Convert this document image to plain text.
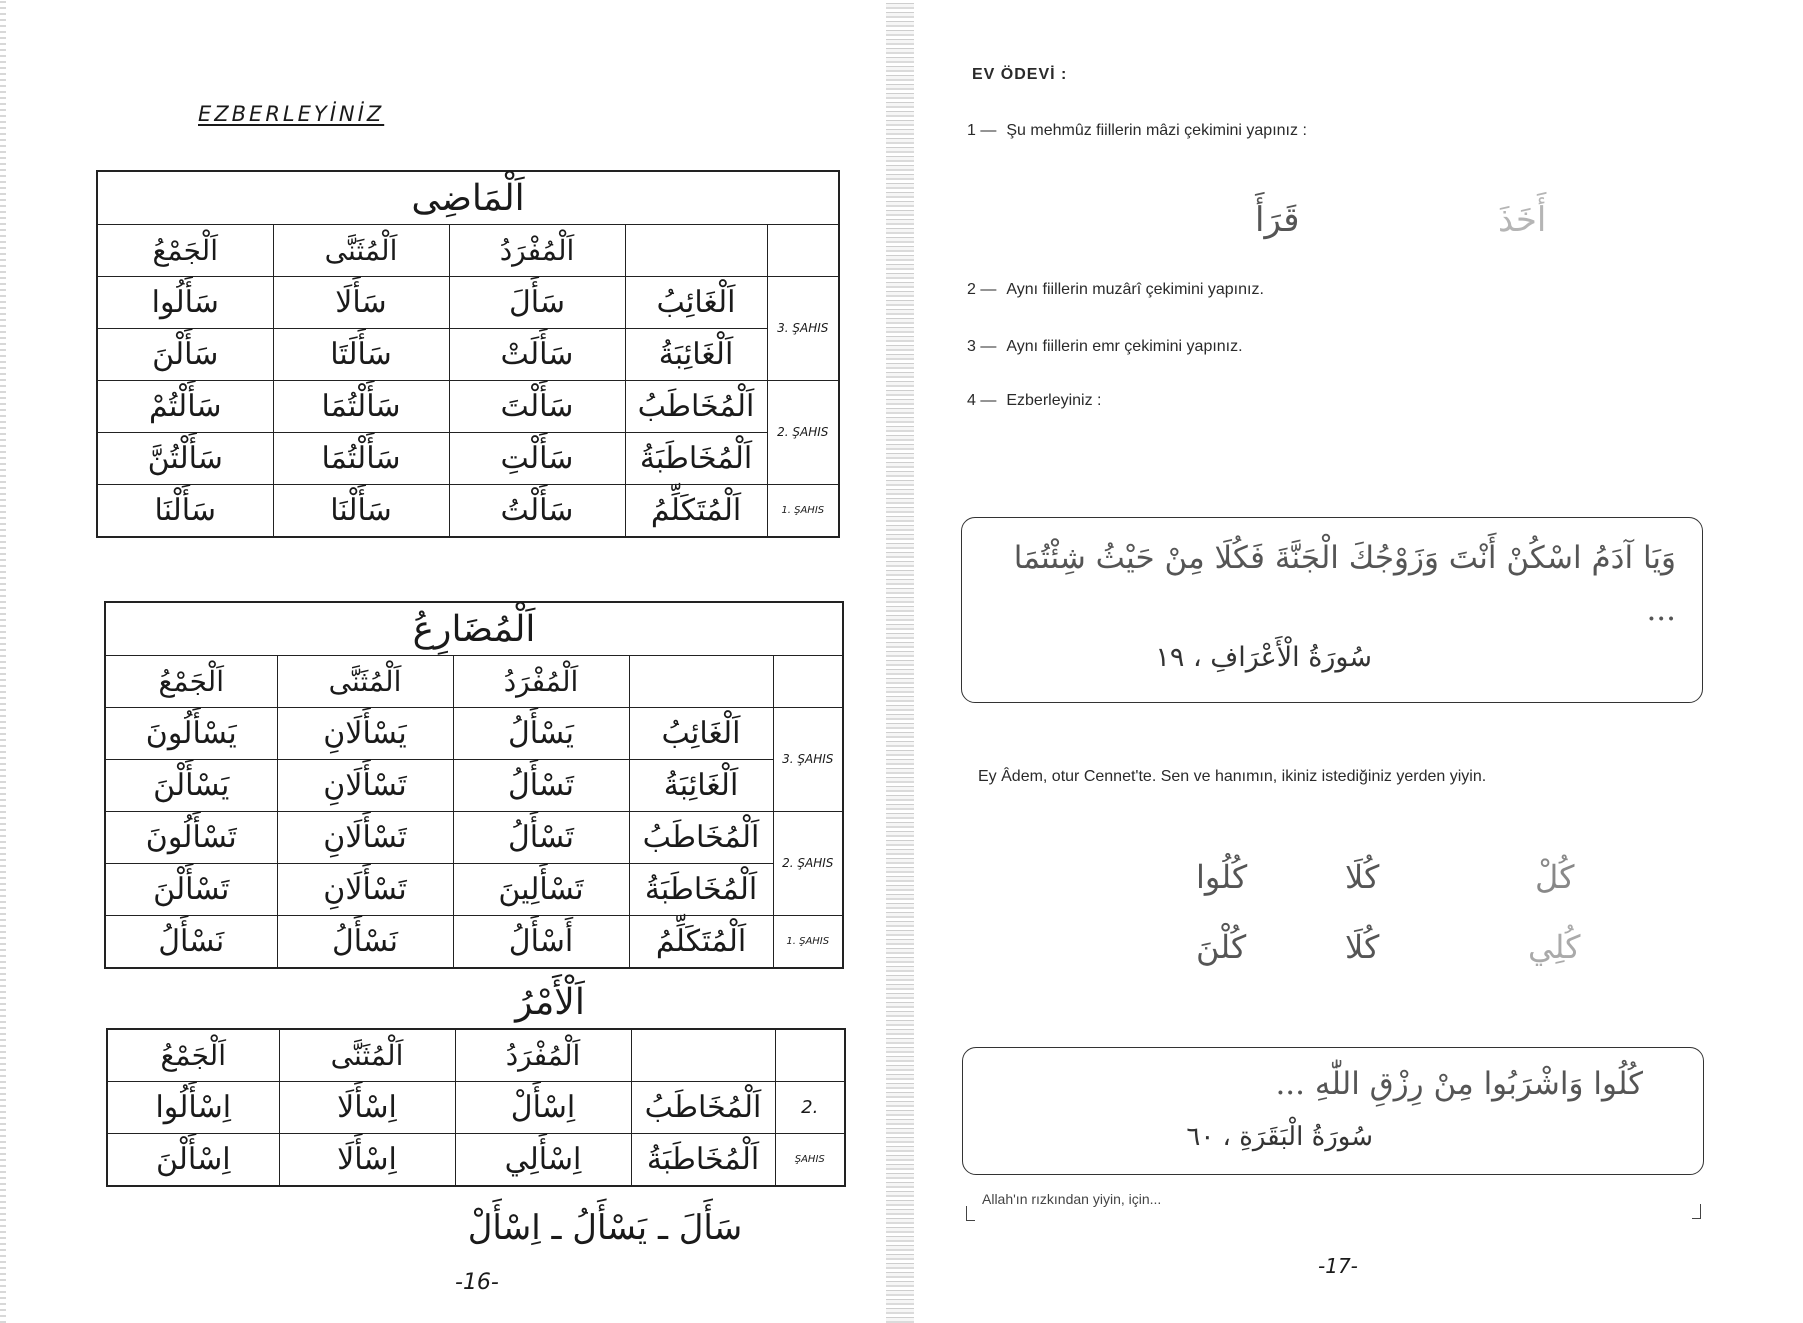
EZBERLEYİNİZ
اَلْمَاضِى				
اَلْجَمْعُ	اَلْمُثَنَّى	اَلْمُفْرَدُ		
سَأَلُوا	سَأَلَا	سَأَلَ	اَلْغَائِبُ	3. ŞAHIS
سَأَلْنَ	سَأَلَتَا	سَأَلَتْ	اَلْغَائِبَةُ	
سَأَلْتُمْ	سَأَلْتُمَا	سَأَلْتَ	اَلْمُخَاطَبُ	2. ŞAHIS
سَأَلْتُنَّ	سَأَلْتُمَا	سَأَلْتِ	اَلْمُخَاطَبَةُ	
سَأَلْنَا	سَأَلْنَا	سَأَلْتُ	اَلْمُتَكَلِّمُ	1. ŞAHIS
اَلْمُضَارِعُ				
اَلْجَمْعُ	اَلْمُثَنَّى	اَلْمُفْرَدُ		
يَسْأَلُونَ	يَسْأَلَانِ	يَسْأَلُ	اَلْغَائِبُ	3. ŞAHIS
يَسْأَلْنَ	تَسْأَلَانِ	تَسْأَلُ	اَلْغَائِبَةُ	
تَسْأَلُونَ	تَسْأَلَانِ	تَسْأَلُ	اَلْمُخَاطَبُ	2. ŞAHIS
تَسْأَلْنَ	تَسْأَلَانِ	تَسْأَلِينَ	اَلْمُخَاطَبَةُ	
نَسْأَلُ	نَسْأَلُ	أَسْأَلُ	اَلْمُتَكَلِّمُ	1. ŞAHIS
اَلْأَمْرُ
اَلْجَمْعُ	اَلْمُثَنَّى	اَلْمُفْرَدُ		
اِسْأَلُوا	اِسْأَلَا	اِسْأَلْ	اَلْمُخَاطَبُ	2.
اِسْأَلْنَ	اِسْأَلَا	اِسْأَلِي	اَلْمُخَاطَبَةُ	ŞAHIS
سَأَلَ ـ يَسْأَلُ ـ اِسْأَلْ
-16-
EV ÖDEVİ :
1 — Şu mehmûz fiillerin mâzi çekimini yapınız :
قَرَأَ	أَخَذَ
2 — Aynı fiillerin muzârî çekimini yapınız.
3 — Aynı fiillerin emr çekimini yapınız.
4 — Ezberleyiniz :
وَيَا آدَمُ اسْكُنْ أَنْتَ وَزَوْجُكَ الْجَنَّةَ فَكُلَا مِنْ حَيْثُ شِئْتُمَا ...
سُورَةُ الْأَعْرَافِ ، ١٩
Ey Âdem, otur Cennet'te. Sen ve hanımın, ikiniz istediğiniz yerden yiyin.
كُلُوا	كُلَا	كُلْ
كُلْنَ	كُلَا	كُلِي
كُلُوا وَاشْرَبُوا مِنْ رِزْقِ اللّٰهِ ...
سُورَةُ الْبَقَرَةِ ، ٦٠
Allah'ın rızkından yiyin, için...
-17-
